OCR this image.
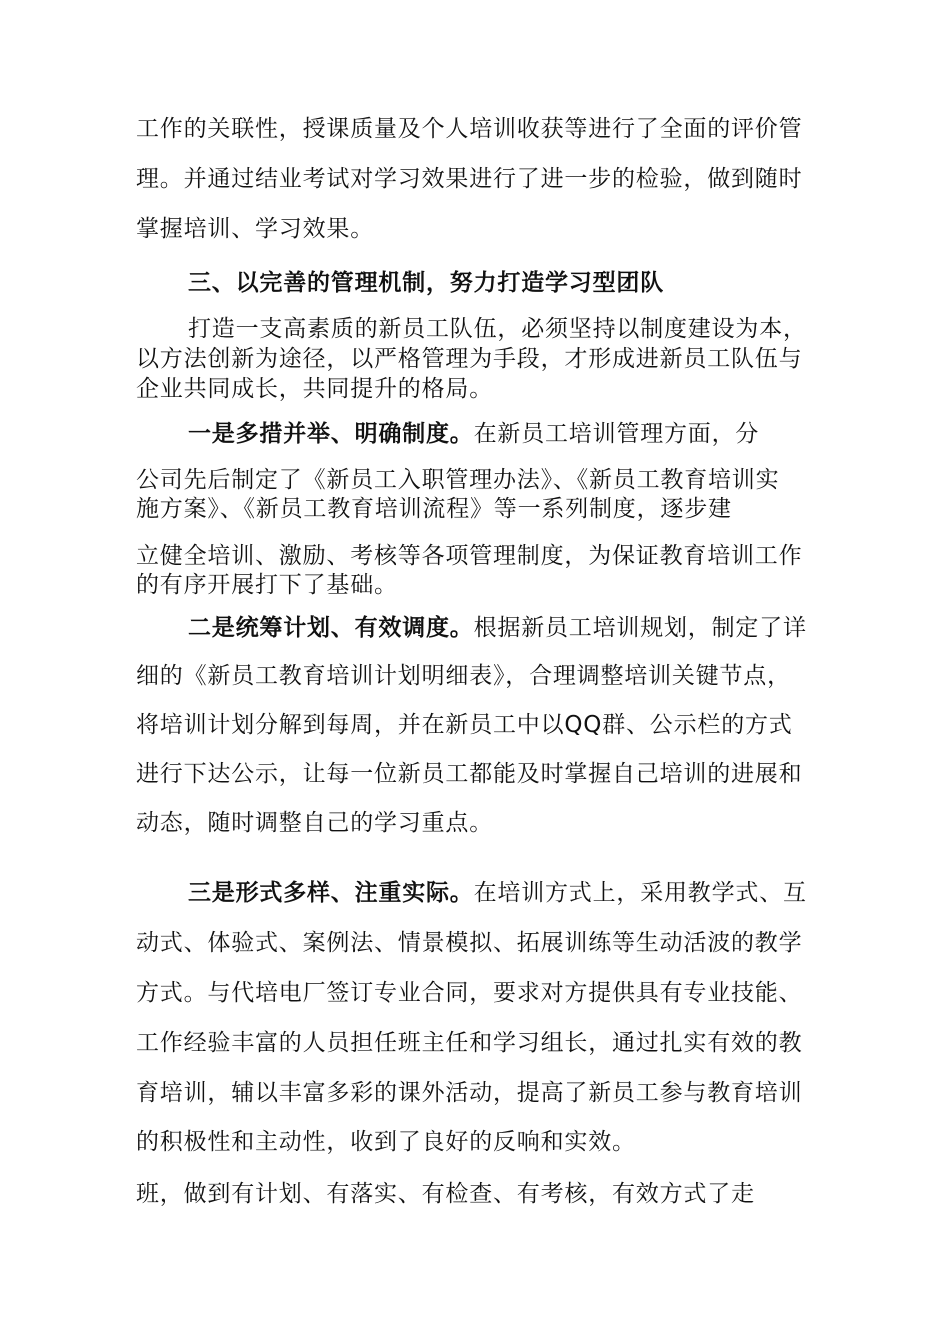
工作的关联性，授课质量及个人培训收获等进行了全面的评价管
理。并通过结业考试对学习效果进行了进一步的检验，做到随时
掌握培训、学习效果。
三、以完善的管理机制，努力打造学习型团队
打造一支高素质的新员工队伍，必须坚持以制度建设为本，
以方法创新为途径，以严格管理为手段，才形成进新员工队伍与
企业共同成长，共同提升的格局。
一是多措并举、明确制度。在新员工培训管理方面，分
公司先后制定了《新员工入职管理办法》、《新员工教育培训实
施方案》、《新员工教育培训流程》等一系列制度，逐步建
立健全培训、激励、考核等各项管理制度，为保证教育培训工作
的有序开展打下了基础。
二是统筹计划、有效调度。根据新员工培训规划，制定了详
细的《新员工教育培训计划明细表》，合理调整培训关键节点，
将培训计划分解到每周，并在新员工中以QQ群、公示栏的方式
进行下达公示，让每一位新员工都能及时掌握自己培训的进展和
动态，随时调整自己的学习重点。
三是形式多样、注重实际。在培训方式上，采用教学式、互
动式、体验式、案例法、情景模拟、拓展训练等生动活波的教学
方式。与代培电厂签订专业合同，要求对方提供具有专业技能、
工作经验丰富的人员担任班主任和学习组长，通过扎实有效的教
育培训，辅以丰富多彩的课外活动，提高了新员工参与教育培训
的积极性和主动性，收到了良好的反响和实效。
班，做到有计划、有落实、有检查、有考核，有效方式了走
